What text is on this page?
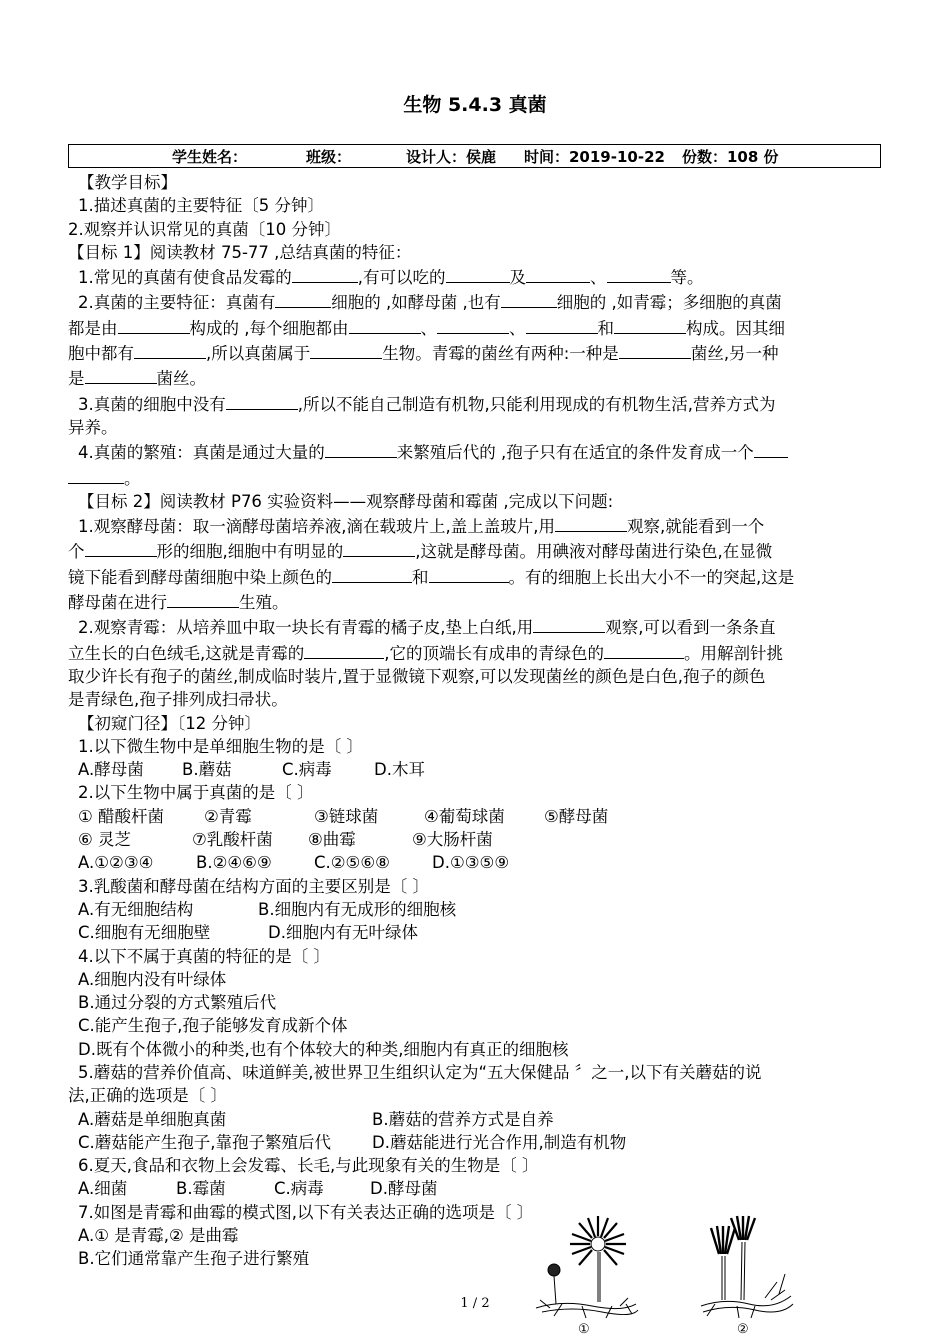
生物 5.4.3 真菌
学生姓名：	班级：	设计人：侯鹿 时间：2019-10-22 份数：108 份

【教学目标】

1.描述真菌的主要特征〔5 分钟〕

2.观察并认识常见的真菌〔10 分钟〕

【目标 1】阅读教材 75-77 ,总结真菌的特征：

1.常见的真菌有使食品发霉的	,有可以吃的	及	、	等。

2.真菌的主要特征：真菌有	细胞的 ,如酵母菌 ,也有	细胞的 ,如青霉；多细胞的真菌

都是由	构成的 ,每个细胞都由	、	、	和	构成。因其细

胞中都有	,所以真菌属于	生物。青霉的菌丝有两种:一种是	菌丝,另一种

是	菌丝。

3.真菌的细胞中没有	,所以不能自己制造有机物,只能利用现成的有机物生活,营养方式为

异养。

4.真菌的繁殖：真菌是通过大量的	来繁殖后代的 ,孢子只有在适宜的条件发育成一个

。

【目标 2】阅读教材 P76 实验资料——观察酵母菌和霉菌 ,完成以下问题:

1.观察酵母菌：取一滴酵母菌培养液,滴在载玻片上,盖上盖玻片,用	观察,就能看到一个

个	形的细胞,细胞中有明显的	,这就是酵母菌。用碘液对酵母菌进行染色,在显微

镜下能看到酵母菌细胞中染上颜色的	和	。有的细胞上长出大小不一的突起,这是

酵母菌在进行	生殖。

2.观察青霉：从培养皿中取一块长有青霉的橘子皮,垫上白纸,用	观察,可以看到一条条直

立生长的白色绒毛,这就是青霉的	,它的顶端长有成串的青绿色的	。用解剖针挑

取少许长有孢子的菌丝,制成临时装片,置于显微镜下观察,可以发现菌丝的颜色是白色,孢子的颜色

是青绿色,孢子排列成扫帚状。

【初窥门径】〔12 分钟〕

1.以下微生物中是单细胞生物的是〔 〕

A.酵母菌	B.蘑菇	C.病毒	D.木耳

2.以下生物中属于真菌的是〔 〕

① 醋酸杆菌	②青霉	③链球菌	④葡萄球菌	⑤酵母菌
⑥ 灵芝	⑦乳酸杆菌	⑧曲霉	⑨大肠杆菌
A.①②③④	B.②④⑥⑨	C.②⑤⑥⑧	D.①③⑤⑨

3.乳酸菌和酵母菌在结构方面的主要区别是〔 〕

A.有无细胞结构	B.细胞内有无成形的细胞核
C.细胞有无细胞壁	D.细胞内有无叶绿体

4.以下不属于真菌的特征的是〔 〕

A.细胞内没有叶绿体

B.通过分裂的方式繁殖后代

C.能产生孢子,孢子能够发育成新个体

D.既有个体微小的种类,也有个体较大的种类,细胞内有真正的细胞核

5.蘑菇的营养价值高、味道鲜美,被世界卫生组织认定为“五大保健品 〞之一,以下有关蘑菇的说

法,正确的选项是〔 〕

A.蘑菇是单细胞真菌	B.蘑菇的营养方式是自养
C.蘑菇能产生孢子,靠孢子繁殖后代	D.蘑菇能进行光合作用,制造有机物

6.夏天,食品和衣物上会发霉、长毛,与此现象有关的生物是〔 〕

A.细菌	B.霉菌	C.病毒	D.酵母菌

7.如图是青霉和曲霉的模式图,以下有关表达正确的选项是〔 〕

A.① 是青霉,② 是曲霉

B.它们通常靠产生孢子进行繁殖

①	②
1 / 2
